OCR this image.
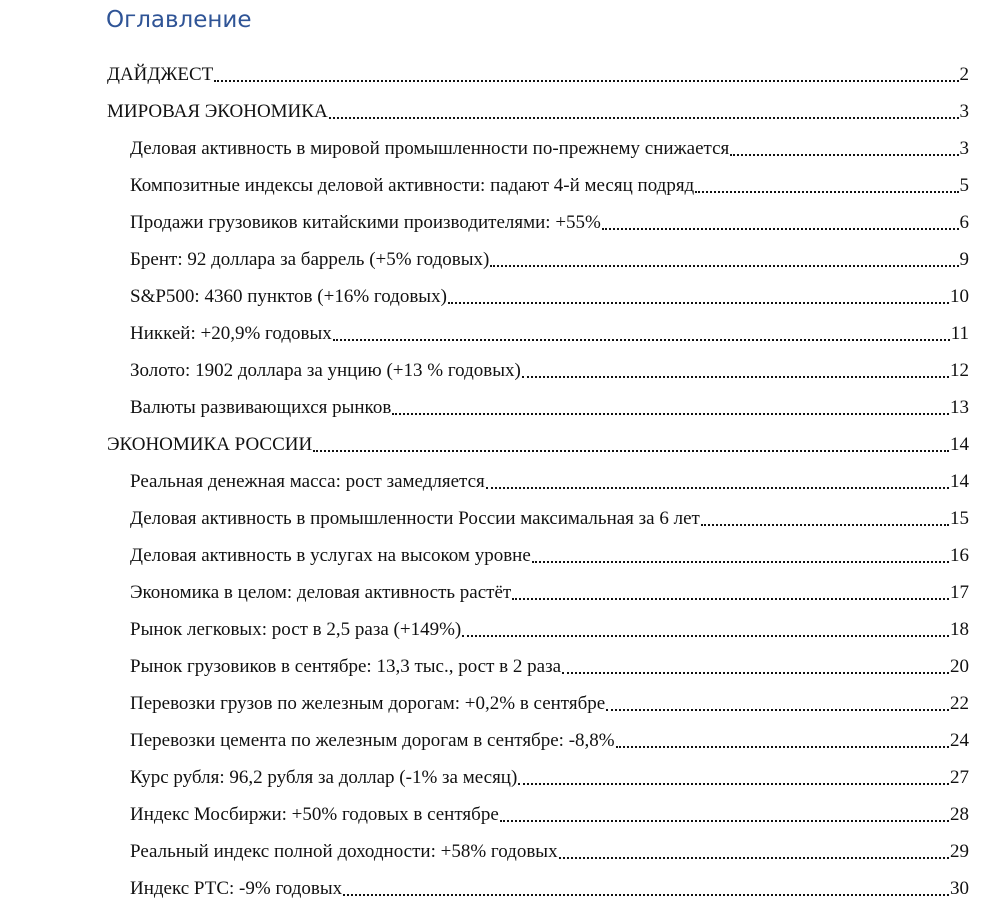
Оглавление
ДАЙДЖЕСТ	2
МИРОВАЯ ЭКОНОМИКА	3
Деловая активность в мировой промышленности по-прежнему снижается	3
Композитные индексы деловой активности: падают 4-й месяц подряд	5
Продажи грузовиков китайскими производителями: +55%	6
Брент: 92 доллара за баррель (+5% годовых)	9
S&P500: 4360 пунктов (+16% годовых)	10
Никкей: +20,9% годовых	11
Золото: 1902 доллара за унцию (+13 % годовых)	12
Валюты развивающихся рынков	13
ЭКОНОМИКА РОССИИ	14
Реальная денежная масса: рост замедляется	14
Деловая активность в промышленности России максимальная за 6 лет	15
Деловая активность в услугах на высоком уровне	16
Экономика в целом: деловая активность растёт	17
Рынок легковых: рост в 2,5 раза (+149%)	18
Рынок грузовиков в сентябре: 13,3 тыс., рост в 2 раза	20
Перевозки грузов по железным дорогам: +0,2% в сентябре	22
Перевозки цемента по железным дорогам в сентябре: -8,8%	24
Курс рубля: 96,2 рубля за доллар (-1% за месяц)	27
Индекс Мосбиржи: +50% годовых в сентябре	28
Реальный индекс полной доходности: +58% годовых	29
Индекс РТС: -9% годовых	30
